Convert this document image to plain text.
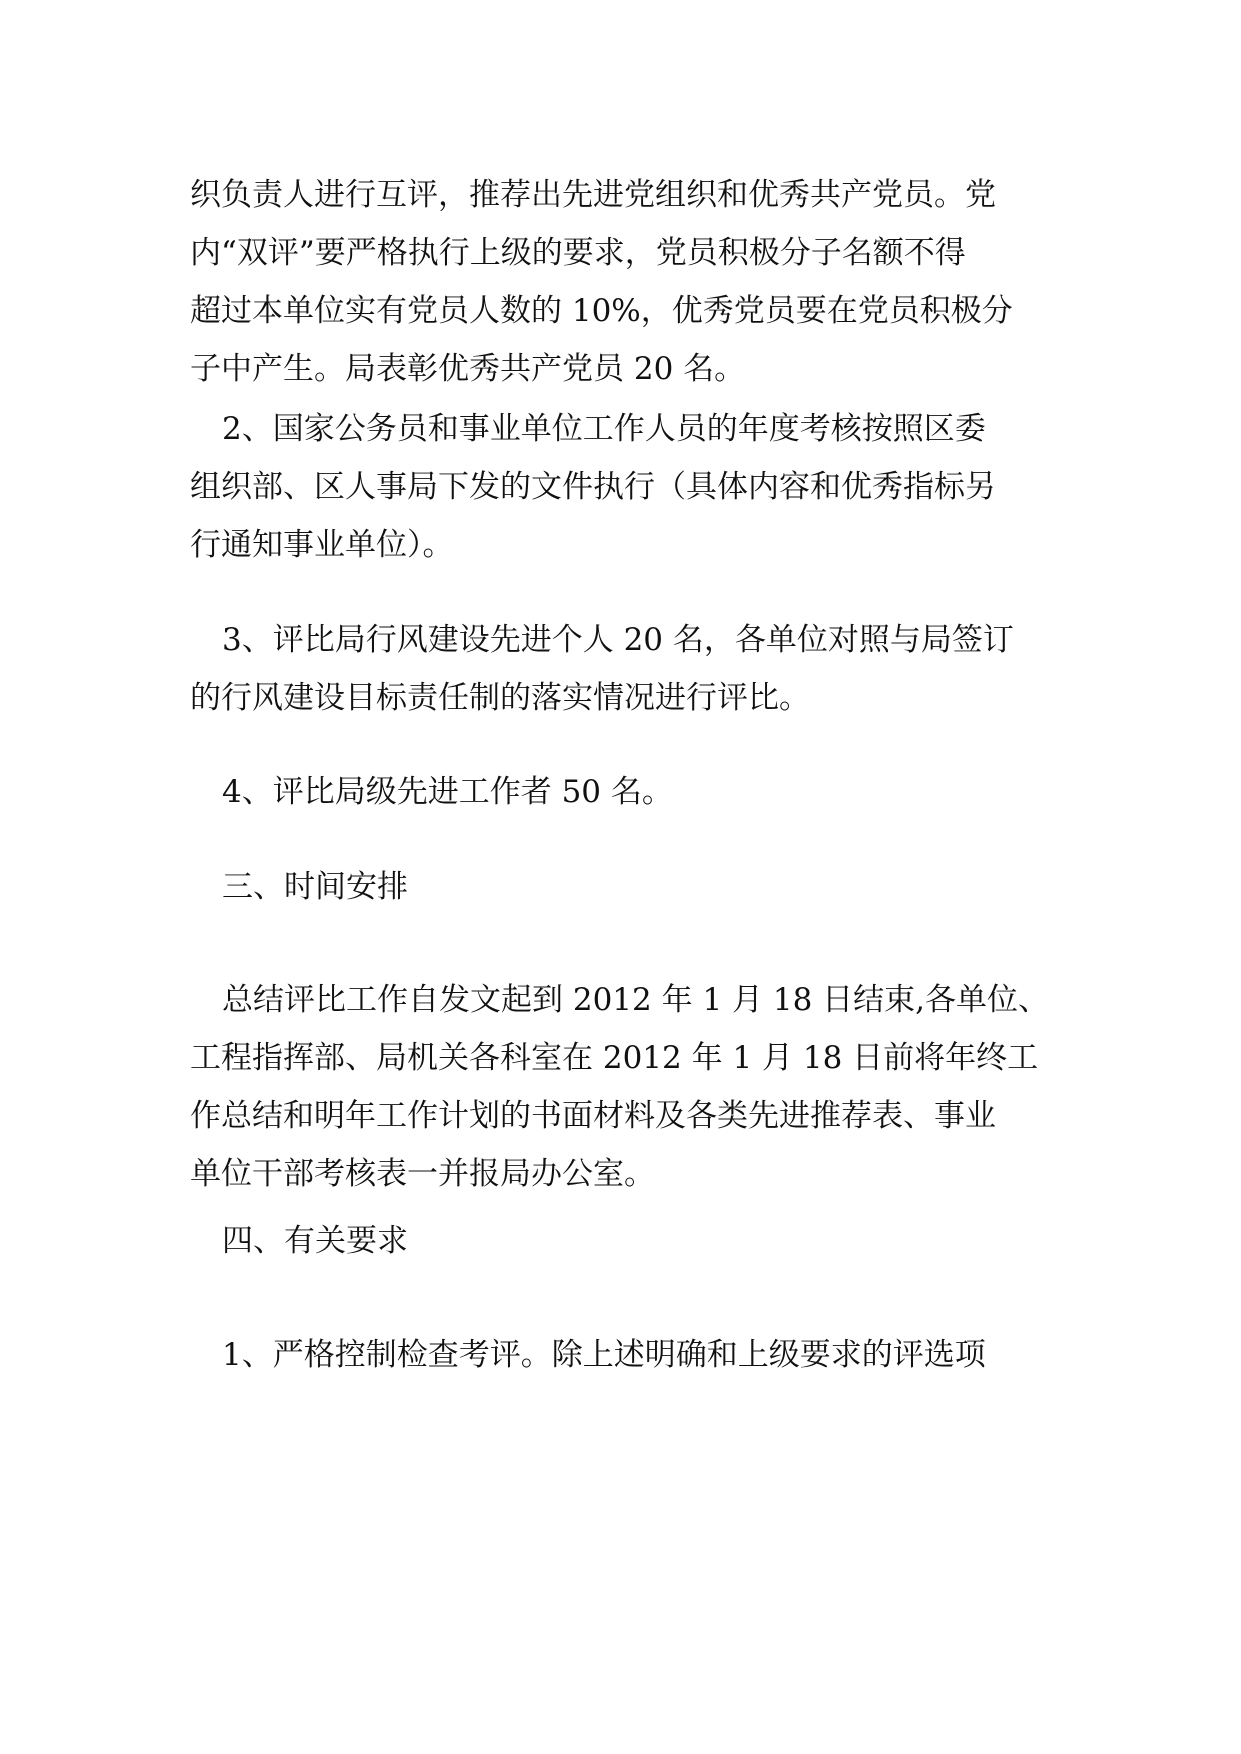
织负责人进行互评，推荐出先进党组织和优秀共产党员。党
内“双评”要严格执行上级的要求，党员积极分子名额不得
超过本单位实有党员人数的 10%，优秀党员要在党员积极分
子中产生。局表彰优秀共产党员 20 名。
2、国家公务员和事业单位工作人员的年度考核按照区委
组织部、区人事局下发的文件执行（具体内容和优秀指标另
行通知事业单位）。
3、评比局行风建设先进个人 20 名，各单位对照与局签订
的行风建设目标责任制的落实情况进行评比。
4、评比局级先进工作者 50 名。
三、时间安排
总结评比工作自发文起到 2012 年 1 月 18 日结束,各单位、
工程指挥部、局机关各科室在 2012 年 1 月 18 日前将年终工
作总结和明年工作计划的书面材料及各类先进推荐表、事业
单位干部考核表一并报局办公室。
四、有关要求
1、严格控制检查考评。除上述明确和上级要求的评选项
